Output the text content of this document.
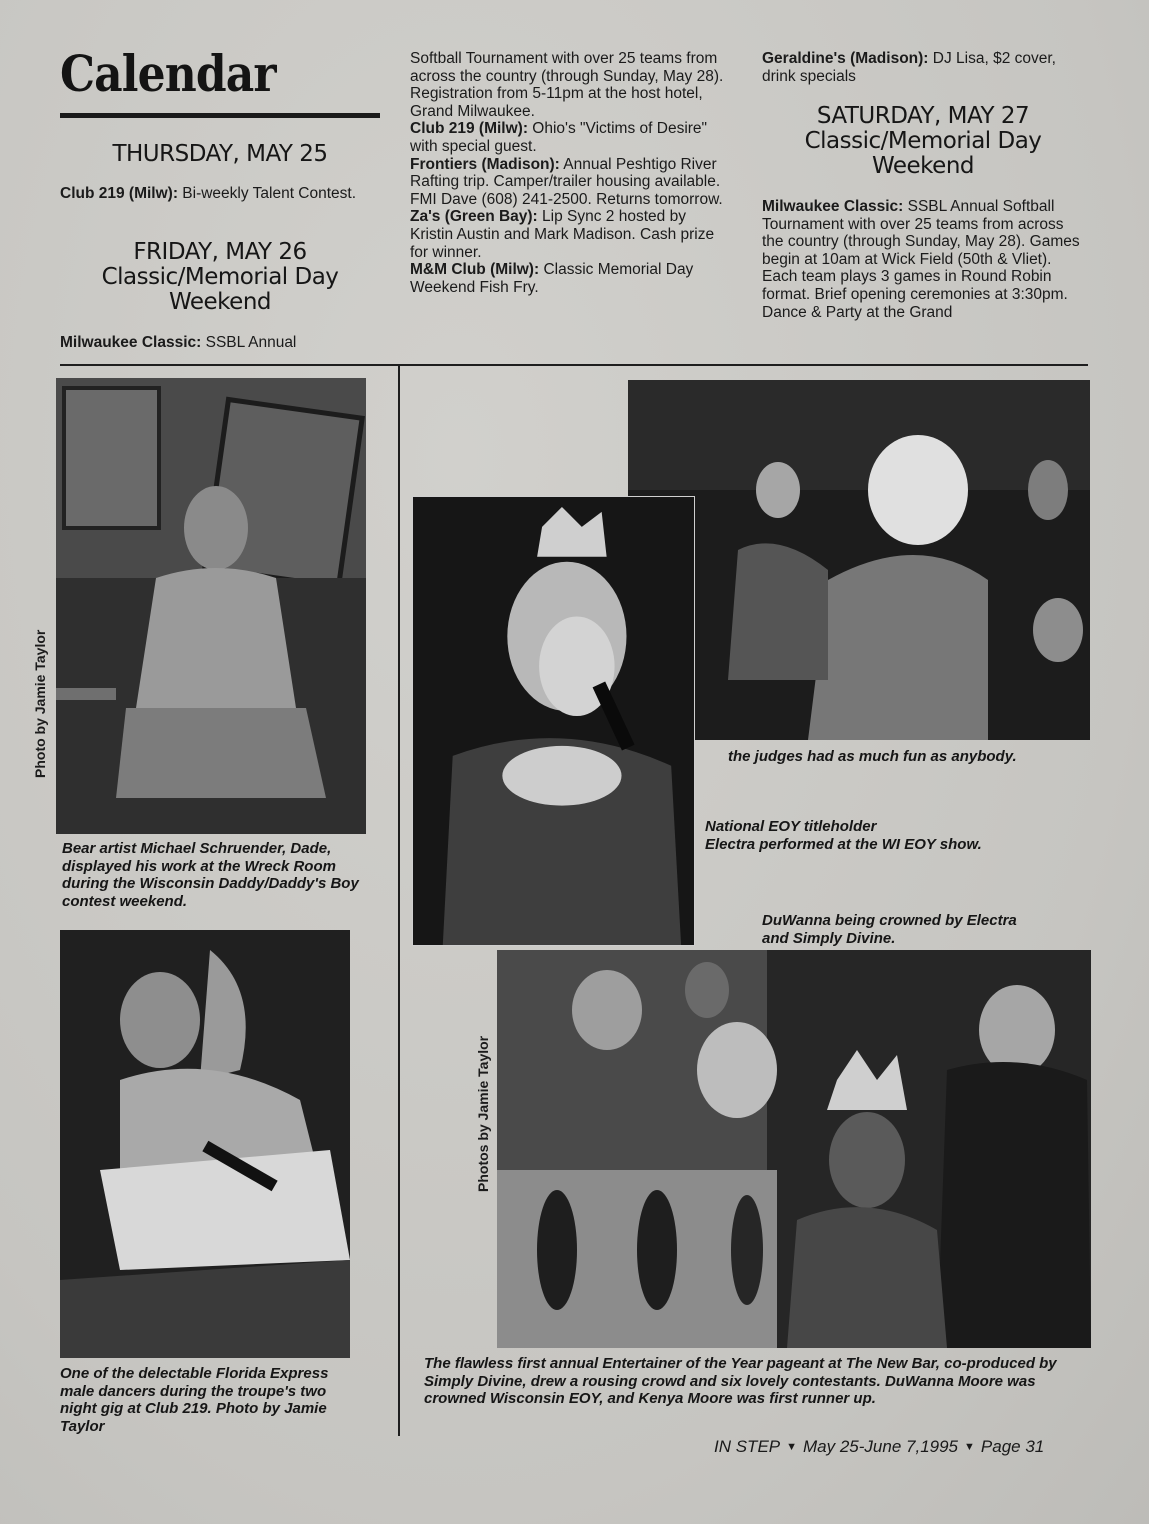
Calendar
THURSDAY, MAY 25
Club 219 (Milw): Bi-weekly Talent Contest.
FRIDAY, MAY 26
Classic/Memorial Day
Weekend
Milwaukee Classic: SSBL Annual
Softball Tournament with over 25 teams from across the country (through Sunday, May 28). Registration from 5-11pm at the host hotel, Grand Milwaukee.
Club 219 (Milw): Ohio's "Victims of Desire" with special guest.
Frontiers (Madison): Annual Peshtigo River Rafting trip. Camper/trailer housing available. FMI Dave (608) 241-2500. Returns tomorrow.
Za's (Green Bay): Lip Sync 2 hosted by Kristin Austin and Mark Madison. Cash prize for winner.
M&M Club (Milw): Classic Memorial Day Weekend Fish Fry.
Geraldine's (Madison): DJ Lisa, $2 cover, drink specials
SATURDAY, MAY 27
Classic/Memorial Day
Weekend
Milwaukee Classic: SSBL Annual Softball Tournament with over 25 teams from across the country (through Sunday, May 28). Games begin at 10am at Wick Field (50th & Vliet). Each team plays 3 games in Round Robin format. Brief opening ceremonies at 3:30pm. Dance & Party at the Grand
Photo by Jamie Taylor
Bear artist Michael Schruender, Dade, displayed his work at the Wreck Room during the Wisconsin Daddy/Daddy's Boy contest weekend.
One of the delectable Florida Express male dancers during the troupe's two night gig at Club 219. Photo by Jamie Taylor
the judges had as much fun as anybody.
National EOY titleholder
Electra performed at the WI EOY show.
DuWanna being crowned by Electra
and Simply Divine.
Photos by Jamie Taylor
The flawless first annual Entertainer of the Year pageant at The New Bar, co-produced by Simply Divine, drew a rousing crowd and six lovely contestants. DuWanna Moore was crowned Wisconsin EOY, and Kenya Moore was first runner up.
IN STEP ▼ May 25-June 7,1995 ▼ Page 31
